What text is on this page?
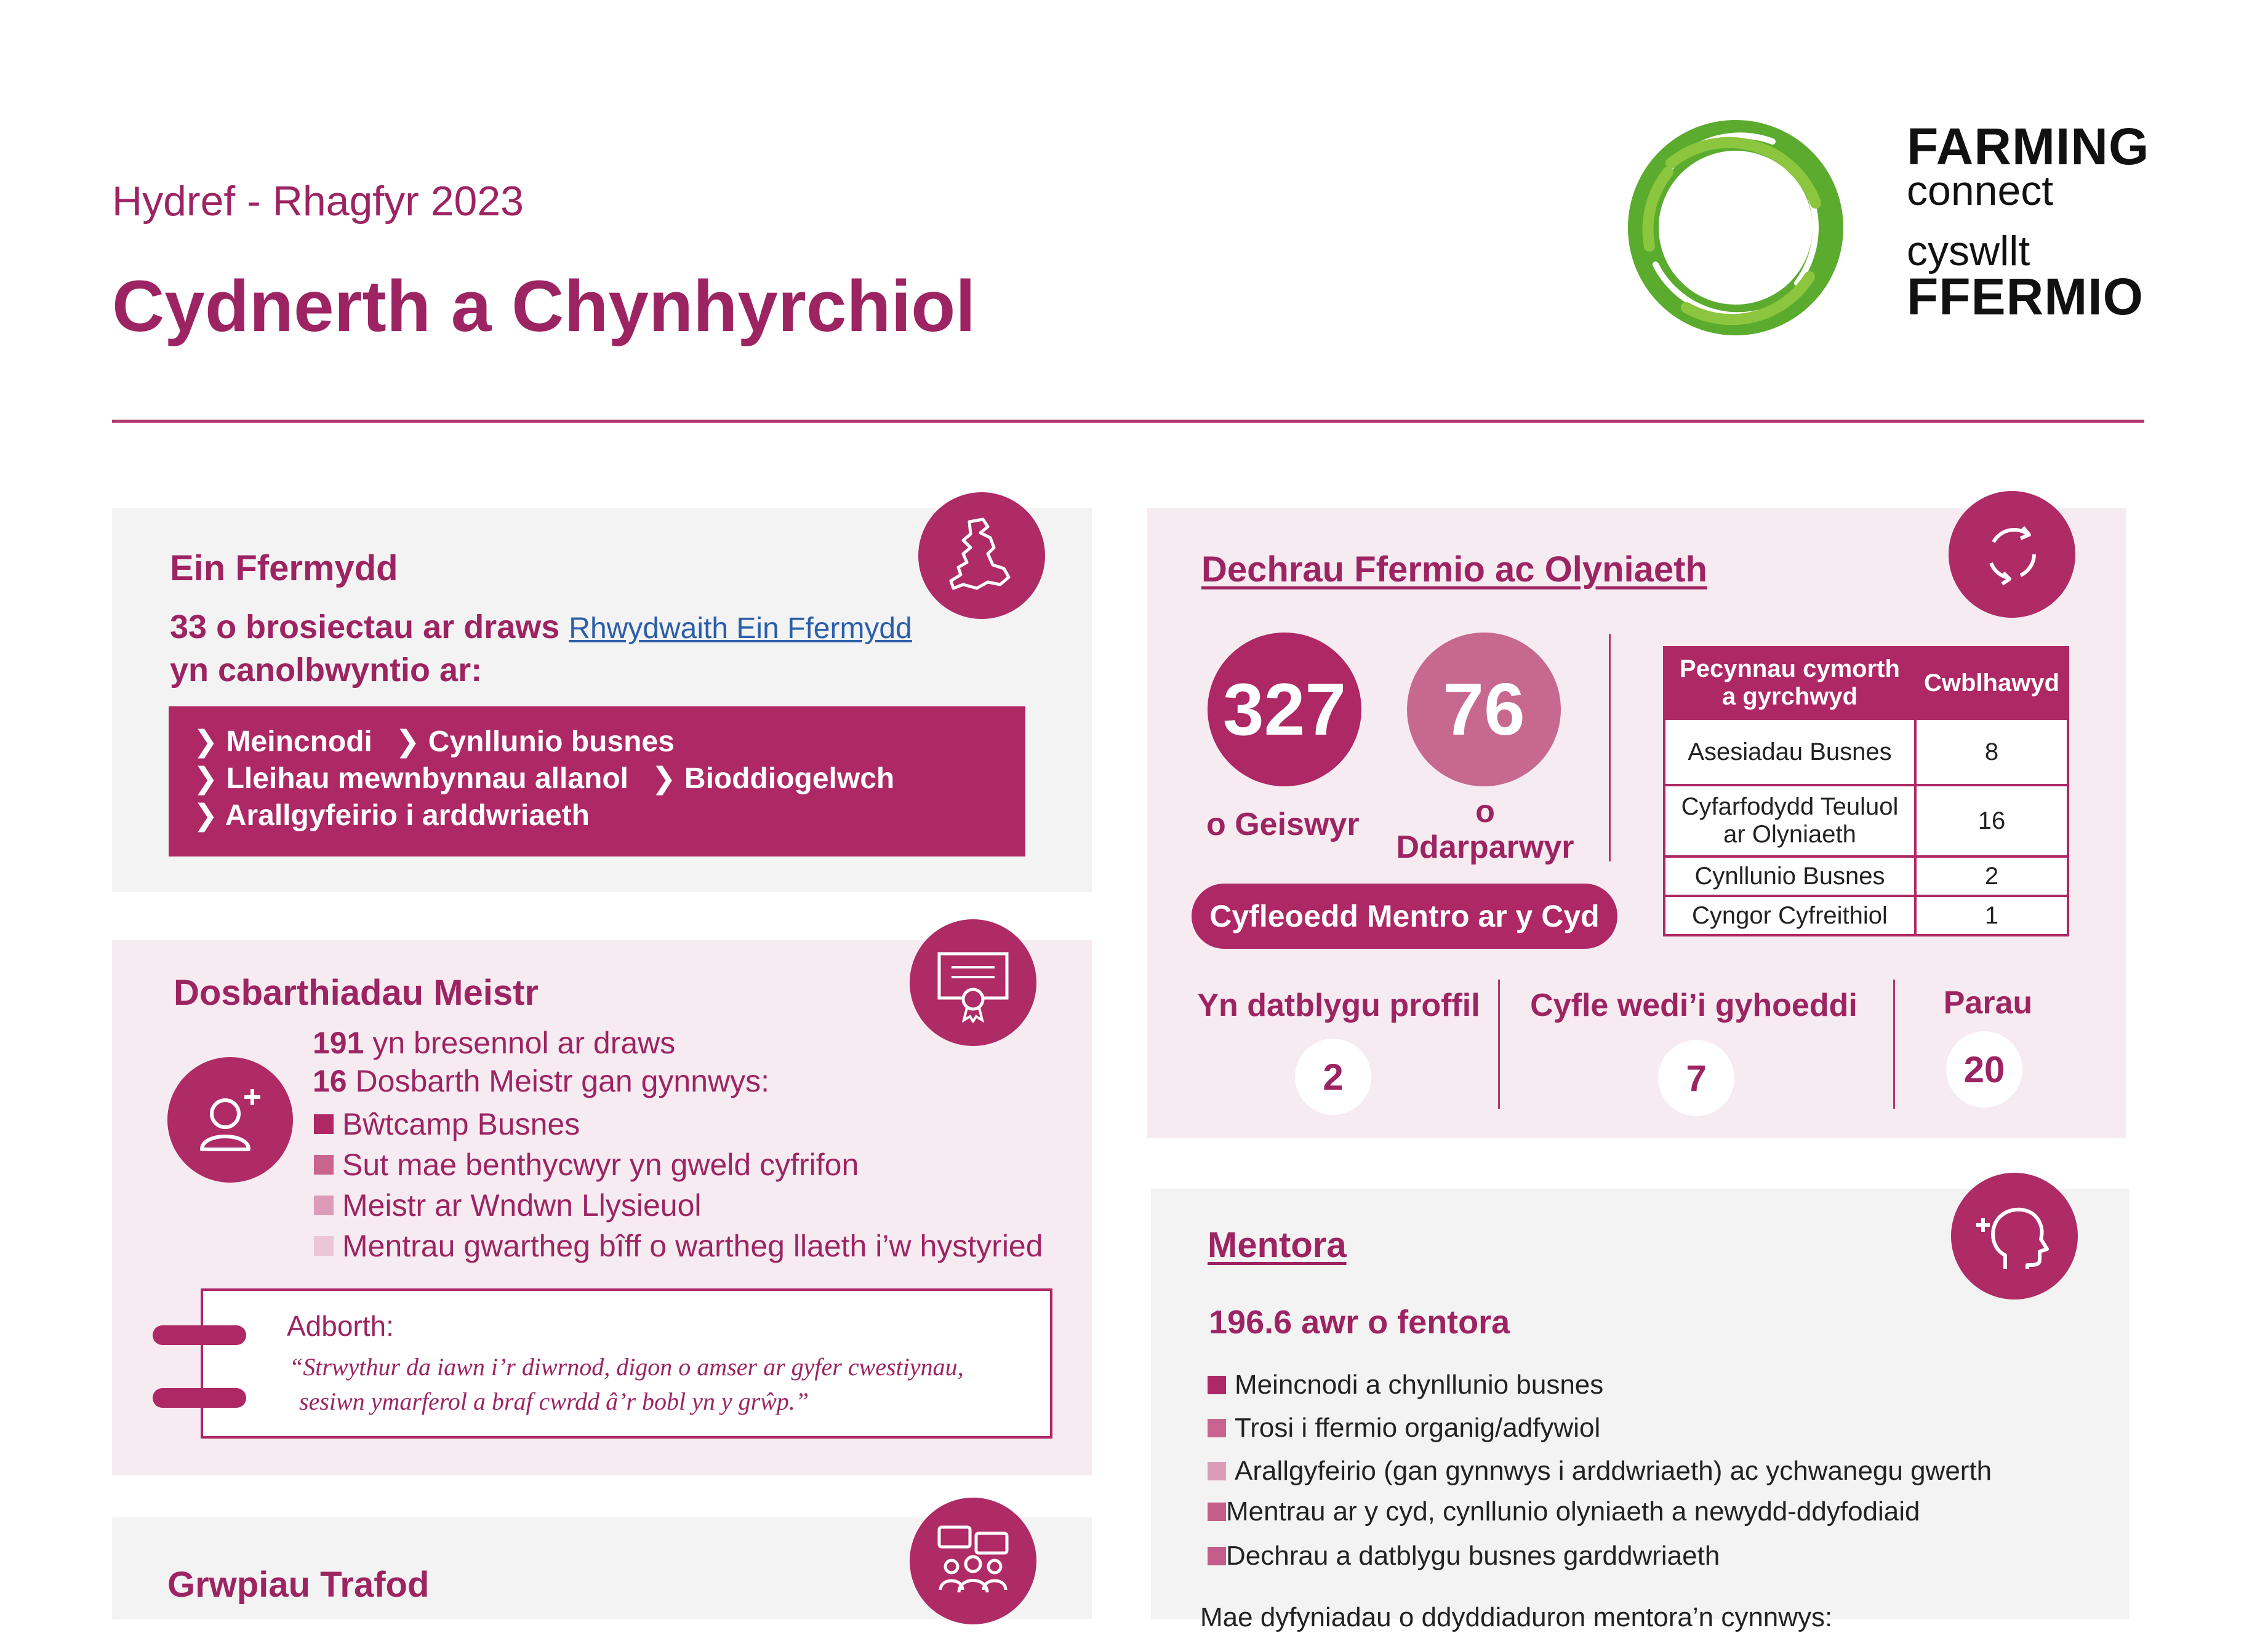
Hydref - Rhagfyr 2023
Cydnerth a Chynhyrchiol
FARMING
connect
cyswllt
FFERMIO
Ein Ffermydd
33 o brosiectau ar draws Rhwydwaith Ein Ffermydd
yn canolbwyntio ar:
❯ Meincnodi ❯ Cynllunio busnes
❯ Lleihau mewnbynnau allanol ❯ Bioddiogelwch
❯ Arallgyfeirio i arddwriaeth
Dosbarthiadau Meistr
191 yn bresennol ar draws
16 Dosbarth Meistr gan gynnwys:
Bŵtcamp Busnes
Sut mae benthycwyr yn gweld cyfrifon
Meistr ar Wndwn Llysieuol
Mentrau gwartheg bîff o wartheg llaeth i’w hystyried
Adborth:
“Strwythur da iawn i’r diwrnod, digon o amser ar gyfer cwestiynau,
sesiwn ymarferol a braf cwrdd â’r bobl yn y grŵp.”
Grwpiau Trafod
Dechrau Ffermio ac Olyniaeth
327	76
o Geiswyr	o
Ddarparwyr
Cyfleoedd Mentro ar y Cyd
Pecynnau cymorth a gyrchwyd	Cwblhawyd
Asesiadau Busnes	8
Cyfarfodydd Teuluol ar Olyniaeth	16
Cynllunio Busnes	2
Cyngor Cyfreithiol	1
Yn datblygu proffil
2
Cyfle wedi’i gyhoeddi
7
Parau
20
Mentora
196.6 awr o fentora
Meincnodi a chynllunio busnes
Trosi i ffermio organig/adfywiol
Arallgyfeirio (gan gynnwys i arddwriaeth) ac ychwanegu gwerth
Mentrau ar y cyd, cynllunio olyniaeth a newydd-ddyfodiaid
Dechrau a datblygu busnes garddwriaeth
Mae dyfyniadau o ddyddiaduron mentora’n cynnwys:
